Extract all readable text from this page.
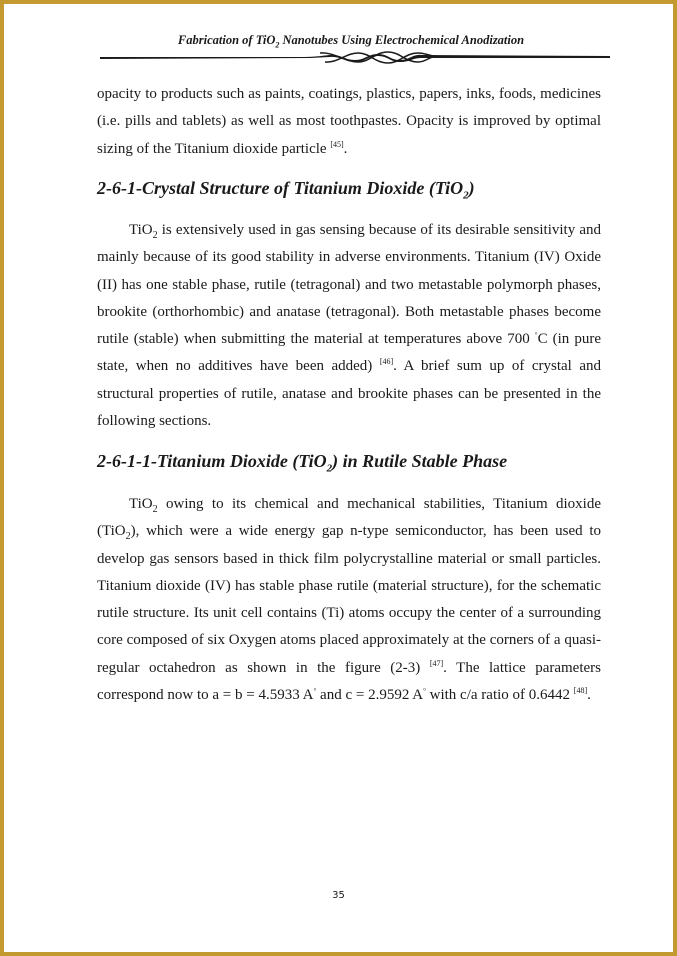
Fabrication of TiO$_2$ Nanotubes Using Electrochemical Anodization

opacity to products such as paints, coatings, plastics, papers, inks, foods, medicines (i.e. pills and tablets) as well as most toothpastes. Opacity is improved by optimal sizing of the Titanium dioxide particle [45].

2-6-1-Crystal Structure of Titanium Dioxide (TiO$_2$)

TiO$_2$ is extensively used in gas sensing because of its desirable sensitivity and mainly because of its good stability in adverse environments. Titanium (IV) Oxide (II) has one stable phase, rutile (tetragonal) and two metastable polymorph phases, brookite (orthorhombic) and anatase (tetragonal). Both metastable phases become rutile (stable) when submitting the material at temperatures above 700 °C (in pure state, when no additives have been added) [46]. A brief sum up of crystal and structural properties of rutile, anatase and brookite phases can be presented in the following sections.

2-6-1-1-Titanium Dioxide (TiO$_2$) in Rutile Stable Phase

TiO$_2$ owing to its chemical and mechanical stabilities, Titanium dioxide (TiO$_2$), which were a wide energy gap n-type semiconductor, has been used to develop gas sensors based in thick film polycrystalline material or small particles. Titanium dioxide (IV) has stable phase rutile (material structure), for the schematic rutile structure. Its unit cell contains (Ti) atoms occupy the center of a surrounding core composed of six Oxygen atoms placed approximately at the corners of a quasi-regular octahedron as shown in the figure (2-3) [47]. The lattice parameters correspond now to a = b = 4.5933 A° and c = 2.9592 A° with c/a ratio of 0.6442 [48].

35
